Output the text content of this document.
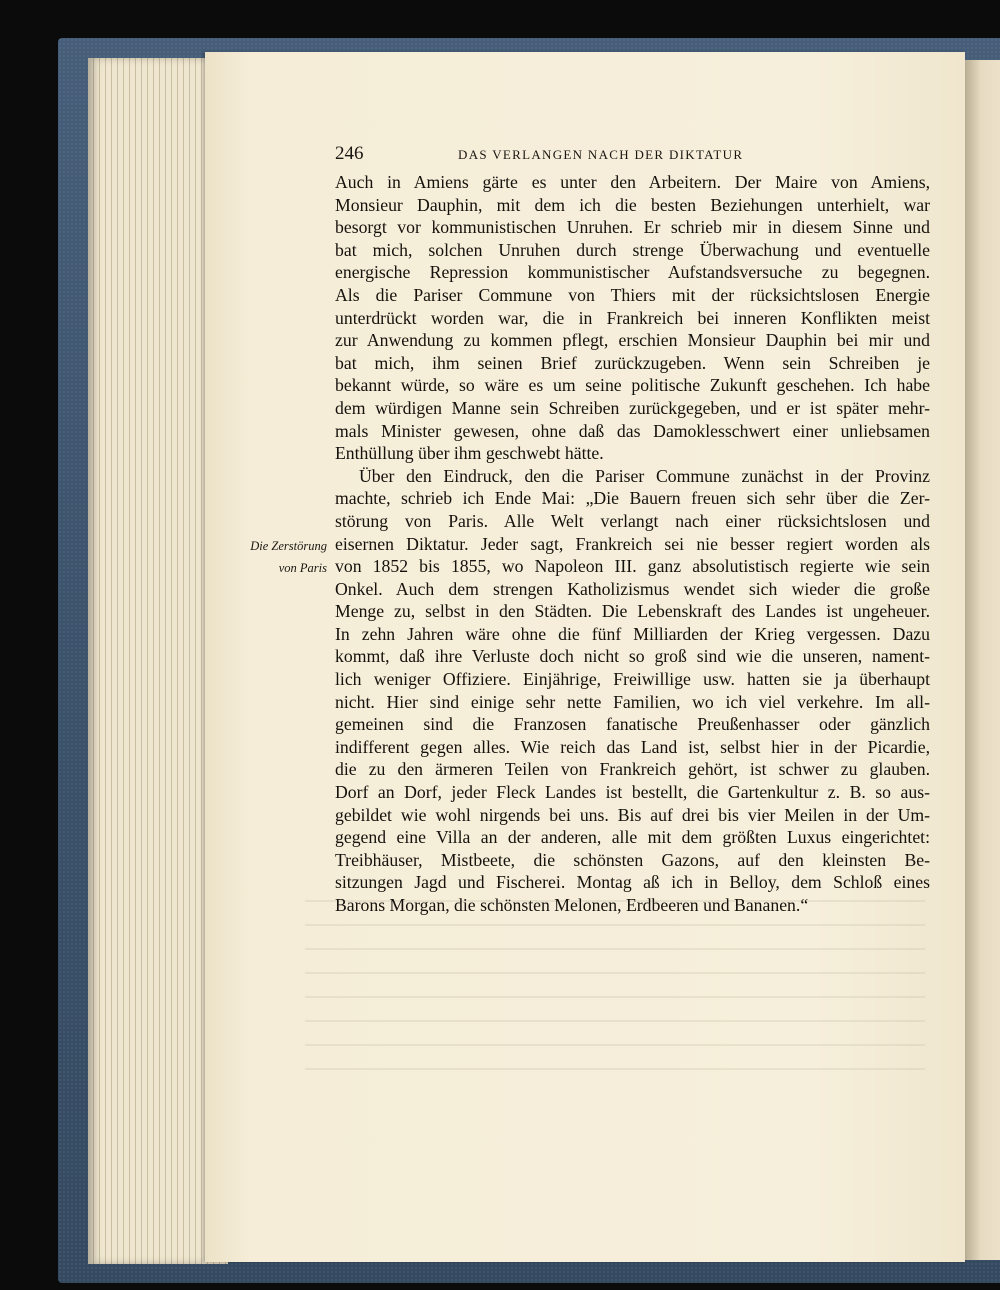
246	DAS VERLANGEN NACH DER DIKTATUR
Die Zerstörung
von Paris
Auch in Amiens gärte es unter den Arbeitern. Der Maire von Amiens,
Monsieur Dauphin, mit dem ich die besten Beziehungen unterhielt, war
besorgt vor kommunistischen Unruhen. Er schrieb mir in diesem Sinne und
bat mich, solchen Unruhen durch strenge Überwachung und eventuelle
energische Repression kommunistischer Aufstandsversuche zu begegnen.
Als die Pariser Commune von Thiers mit der rücksichtslosen Energie
unterdrückt worden war, die in Frankreich bei inneren Konflikten meist
zur Anwendung zu kommen pflegt, erschien Monsieur Dauphin bei mir und
bat mich, ihm seinen Brief zurückzugeben. Wenn sein Schreiben je
bekannt würde, so wäre es um seine politische Zukunft geschehen. Ich habe
dem würdigen Manne sein Schreiben zurückgegeben, und er ist später mehr-
mals Minister gewesen, ohne daß das Damoklesschwert einer unliebsamen
Enthüllung über ihm geschwebt hätte.
Über den Eindruck, den die Pariser Commune zunächst in der Provinz
machte, schrieb ich Ende Mai: „Die Bauern freuen sich sehr über die Zer-
störung von Paris. Alle Welt verlangt nach einer rücksichtslosen und
eisernen Diktatur. Jeder sagt, Frankreich sei nie besser regiert worden als
von 1852 bis 1855, wo Napoleon III. ganz absolutistisch regierte wie sein
Onkel. Auch dem strengen Katholizismus wendet sich wieder die große
Menge zu, selbst in den Städten. Die Lebenskraft des Landes ist ungeheuer.
In zehn Jahren wäre ohne die fünf Milliarden der Krieg vergessen. Dazu
kommt, daß ihre Verluste doch nicht so groß sind wie die unseren, nament-
lich weniger Offiziere. Einjährige, Freiwillige usw. hatten sie ja überhaupt
nicht. Hier sind einige sehr nette Familien, wo ich viel verkehre. Im all-
gemeinen sind die Franzosen fanatische Preußenhasser oder gänzlich
indifferent gegen alles. Wie reich das Land ist, selbst hier in der Picardie,
die zu den ärmeren Teilen von Frankreich gehört, ist schwer zu glauben.
Dorf an Dorf, jeder Fleck Landes ist bestellt, die Gartenkultur z. B. so aus-
gebildet wie wohl nirgends bei uns. Bis auf drei bis vier Meilen in der Um-
gegend eine Villa an der anderen, alle mit dem größten Luxus eingerichtet:
Treibhäuser, Mistbeete, die schönsten Gazons, auf den kleinsten Be-
sitzungen Jagd und Fischerei. Montag aß ich in Belloy, dem Schloß eines
Barons Morgan, die schönsten Melonen, Erdbeeren und Bananen.“
